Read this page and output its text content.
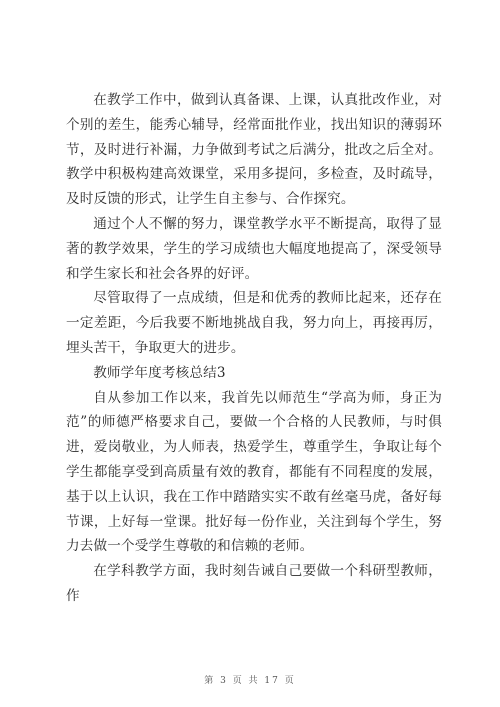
在教学工作中，做到认真备课、上课，认真批改作业，对个别的差生，能秀心辅导，经常面批作业，找出知识的薄弱环节，及时进行补漏，力争做到考试之后满分，批改之后全对。教学中积极构建高效课堂，采用多提问，多检查，及时疏导，及时反馈的形式，让学生自主参与、合作探究。

通过个人不懈的努力，课堂教学水平不断提高，取得了显著的教学效果，学生的学习成绩也大幅度地提高了，深受领导和学生家长和社会各界的好评。

尽管取得了一点成绩，但是和优秀的教师比起来，还存在一定差距，今后我要不断地挑战自我，努力向上，再接再厉，埋头苦干，争取更大的进步。

教师学年度考核总结3

自从参加工作以来，我首先以师范生“学高为师，身正为范”的师德严格要求自己，要做一个合格的人民教师，与时俱进，爱岗敬业，为人师表，热爱学生，尊重学生，争取让每个学生都能享受到高质量有效的教育，都能有不同程度的发展，基于以上认识，我在工作中踏踏实实不敢有丝毫马虎，备好每节课，上好每一堂课。批好每一份作业，关注到每个学生，努力去做一个受学生尊敬的和信赖的老师。

在学科教学方面，我时刻告诫自己要做一个科研型教师，作

第 3 页 共 17 页
